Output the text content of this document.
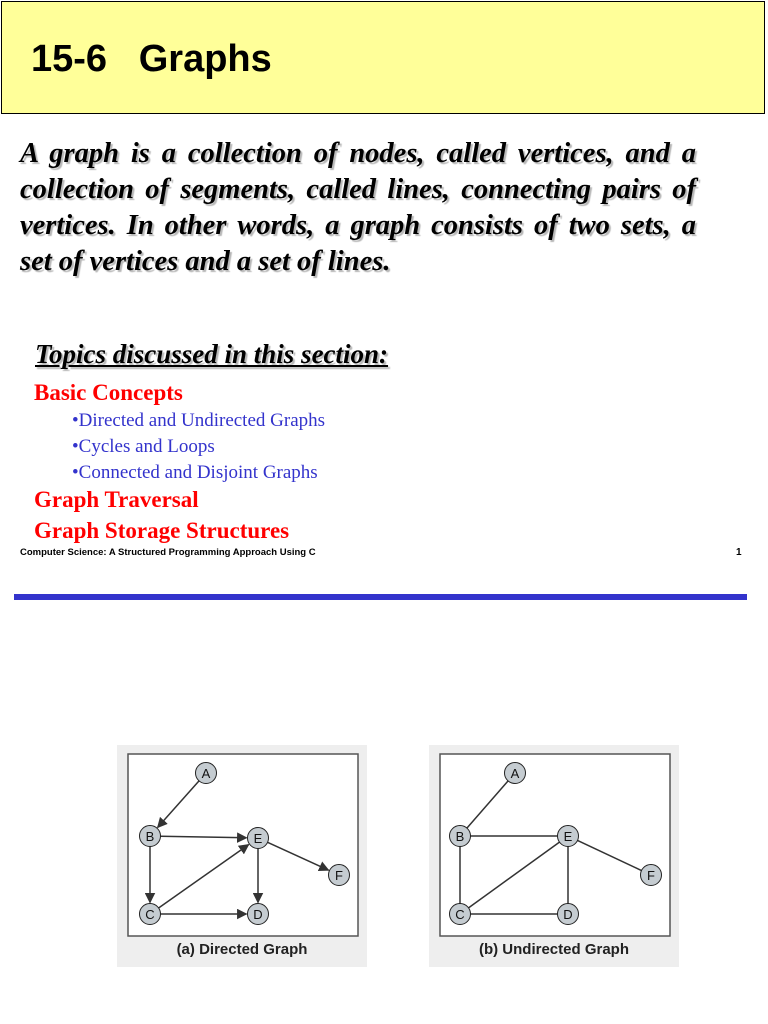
15-6   Graphs
A graph is a collection of nodes, called vertices, and a collection of segments, called lines, connecting pairs of vertices. In other words, a graph consists of two sets, a set of vertices and a set of lines.
Topics discussed in this section:
Basic Concepts
•Directed and Undirected Graphs
•Cycles and Loops
•Connected and Disjoint Graphs
Graph Traversal
Graph Storage Structures
Computer Science: A Structured Programming Approach Using C	1
A
B
C	D
E
F
(a) Directed Graph
A
B
C	D
E
F
(b) Undirected Graph
